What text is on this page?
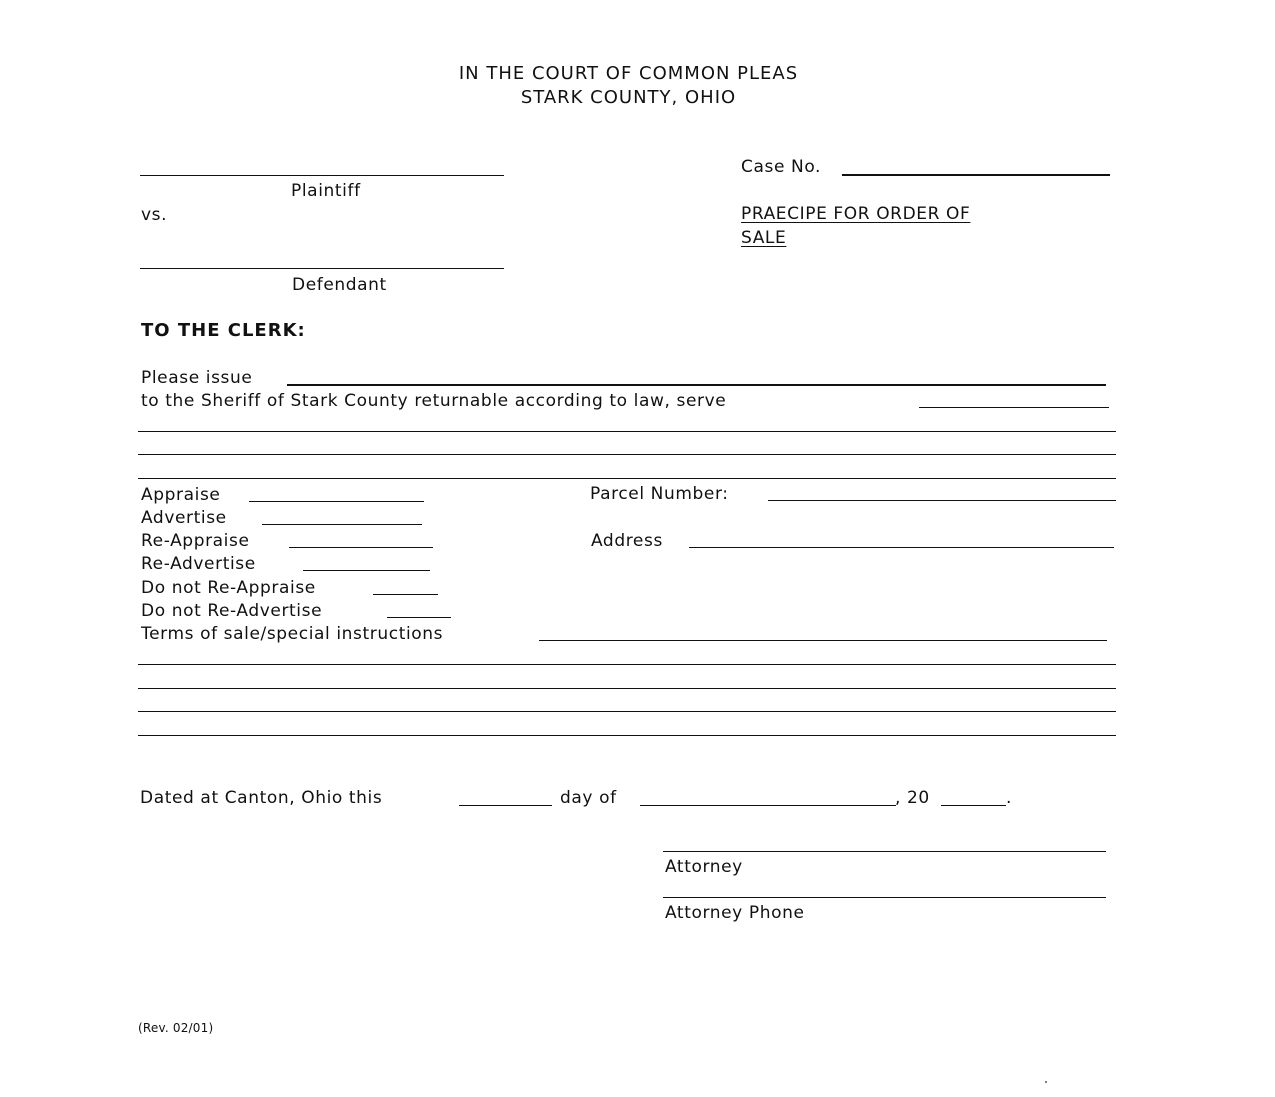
IN THE COURT OF COMMON PLEAS
STARK COUNTY, OHIO
Plaintiff
vs.
Defendant
Case No.
PRAECIPE FOR ORDER OF
SALE
TO THE CLERK:
Please issue
to the Sheriff of Stark County returnable according to law, serve
Appraise
Advertise
Re-Appraise
Re-Advertise
Do not Re-Appraise
Do not Re-Advertise
Terms of sale/special instructions
Parcel Number:
Address
Dated at Canton, Ohio this	day of	, 20	.
Attorney
Attorney Phone
(Rev. 02/01)
